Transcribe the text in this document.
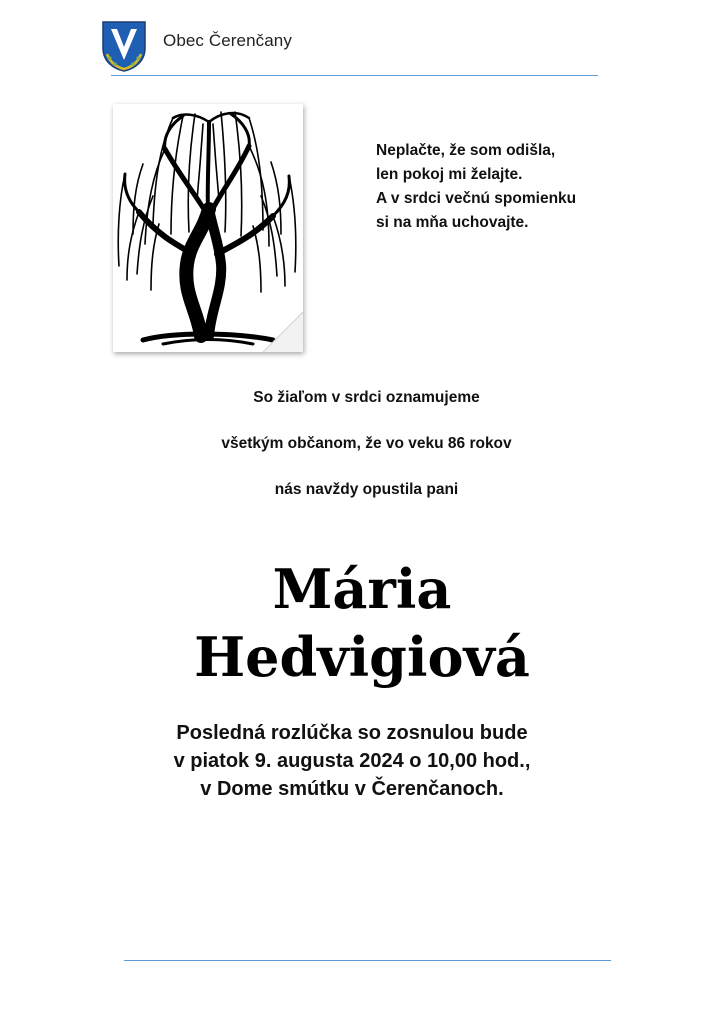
Obec Čerenčany
Neplačte, že som odišla,
len pokoj mi želajte.
A v srdci večnú spomienku
si na mňa uchovajte.
So žiaľom v srdci oznamujeme
všetkým občanom, že vo veku 86 rokov
nás navždy opustila pani
Mária
Hedvigiová
Posledná rozlúčka so zosnulou bude
v piatok 9. augusta 2024 o 10,00 hod.,
v Dome smútku v Čerenčanoch.
